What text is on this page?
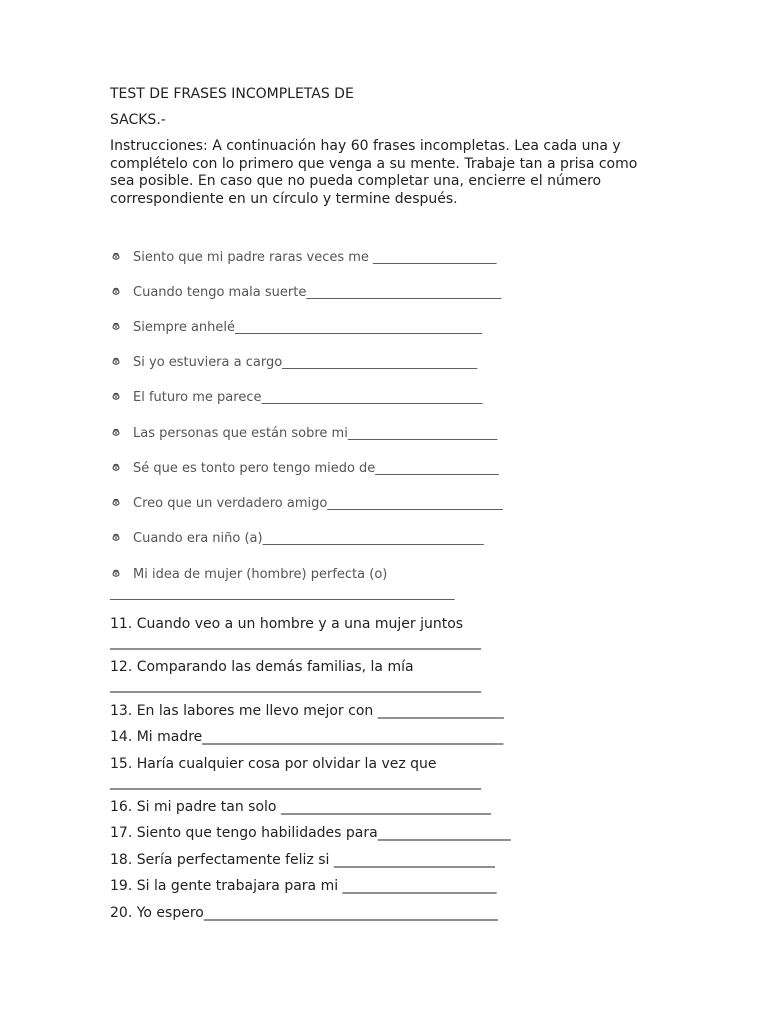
TEST DE FRASES INCOMPLETAS DE
SACKS.-
Instrucciones: A continuación hay 60 frases incompletas. Lea cada una y complételo con lo primero que venga a su mente. Trabaje tan a prisa como sea posible. En caso que no pueda completar una, encierre el número correspondiente en un círculo y termine después.

Siento que mi padre raras veces me ___________________

Cuando tengo mala suerte______________________________

Siempre anhelé______________________________________

Si yo estuviera a cargo______________________________

El futuro me parece__________________________________

Las personas que están sobre mi_______________________

Sé que es tonto pero tengo miedo de___________________

Creo que un verdadero amigo___________________________

Cuando era niño (a)__________________________________

Mi idea de mujer (hombre) perfecta (o)

_____________________________________________________

11. Cuando veo a un hombre y a una mujer juntos
_____________________________________________________
12. Comparando las demás familias, la mía
_____________________________________________________
13. En las labores me llevo mejor con __________________
14. Mi madre___________________________________________
15. Haría cualquier cosa por olvidar la vez que
_____________________________________________________
16. Si mi padre tan solo ______________________________
17. Siento que tengo habilidades para___________________
18. Sería perfectamente feliz si _______________________
19. Si la gente trabajara para mi ______________________
20. Yo espero__________________________________________
